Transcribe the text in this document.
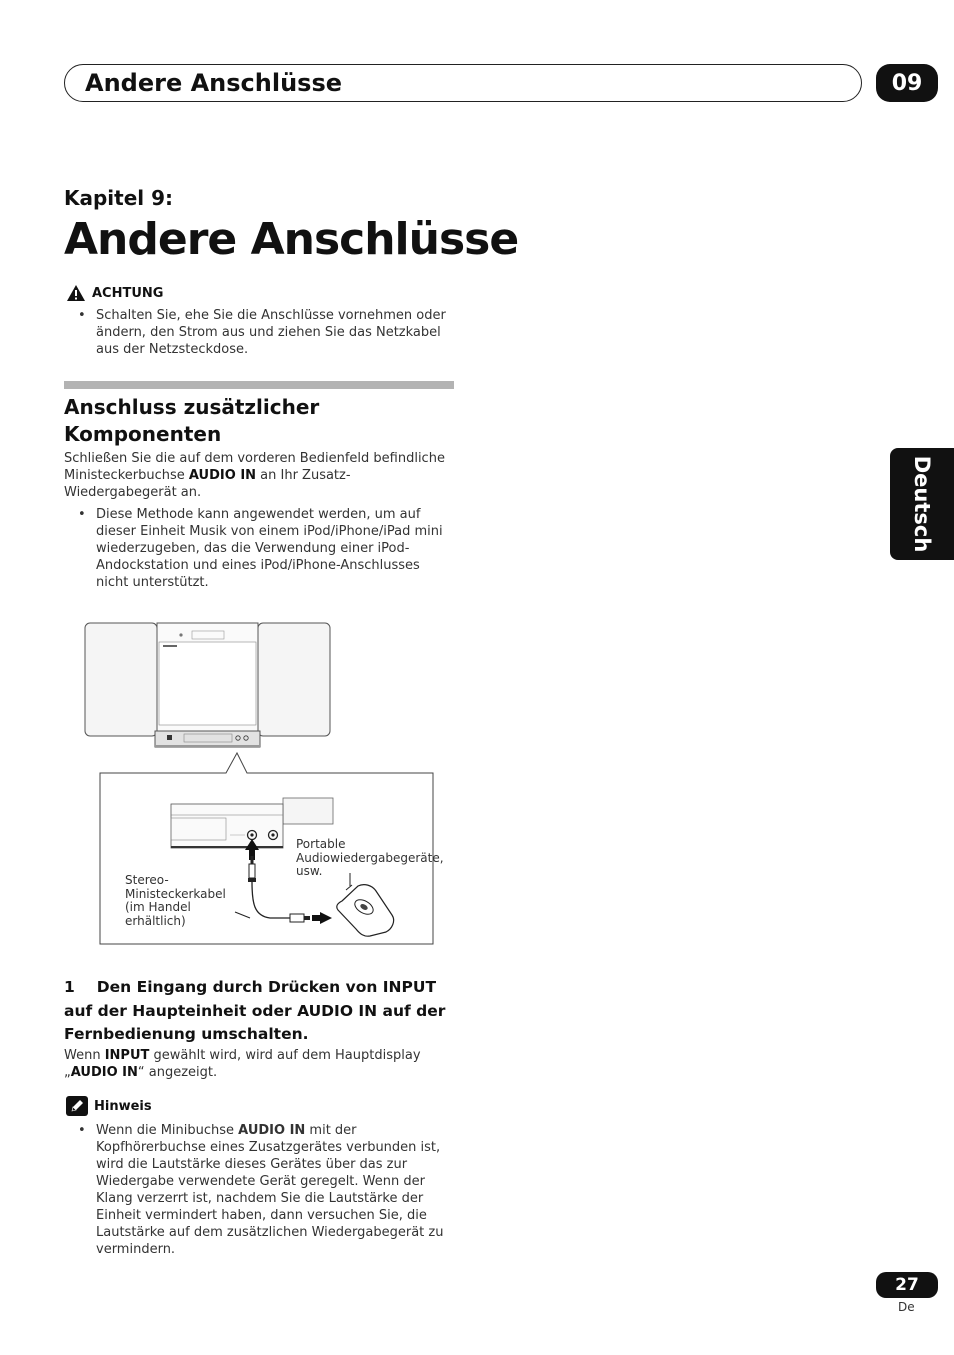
Andere Anschlüsse	09
Kapitel 9:
Andere Anschlüsse
ACHTUNG
• Schalten Sie, ehe Sie die Anschlüsse vornehmen oder ändern, den Strom aus und ziehen Sie das Netzkabel aus der Netzsteckdose.
Anschluss zusätzlicher Komponenten
Schließen Sie die auf dem vorderen Bedienfeld befindliche Ministeckerbuchse AUDIO IN an Ihr Zusatz-Wiedergabegerät an.
• Diese Methode kann angewendet werden, um auf dieser Einheit Musik von einem iPod/iPhone/iPad mini wiederzugeben, das die Verwendung einer iPod-Andockstation und eines iPod/iPhone-Anschlusses nicht unterstützt.
Portable Audiowiedergabegeräte, usw.
Stereo-Ministeckerkabel (im Handel erhältlich)
1 Den Eingang durch Drücken von INPUT auf der Haupteinheit oder AUDIO IN auf der Fernbedienung umschalten.
Wenn INPUT gewählt wird, wird auf dem Hauptdisplay „AUDIO IN“ angezeigt.
Hinweis
• Wenn die Minibuchse AUDIO IN mit der Kopfhörerbuchse eines Zusatzgerätes verbunden ist, wird die Lautstärke dieses Gerätes über das zur Wiedergabe verwendete Gerät geregelt. Wenn der Klang verzerrt ist, nachdem Sie die Lautstärke der Einheit vermindert haben, dann versuchen Sie, die Lautstärke auf dem zusätzlichen Wiedergabegerät zu vermindern.
Deutsch
27
De
